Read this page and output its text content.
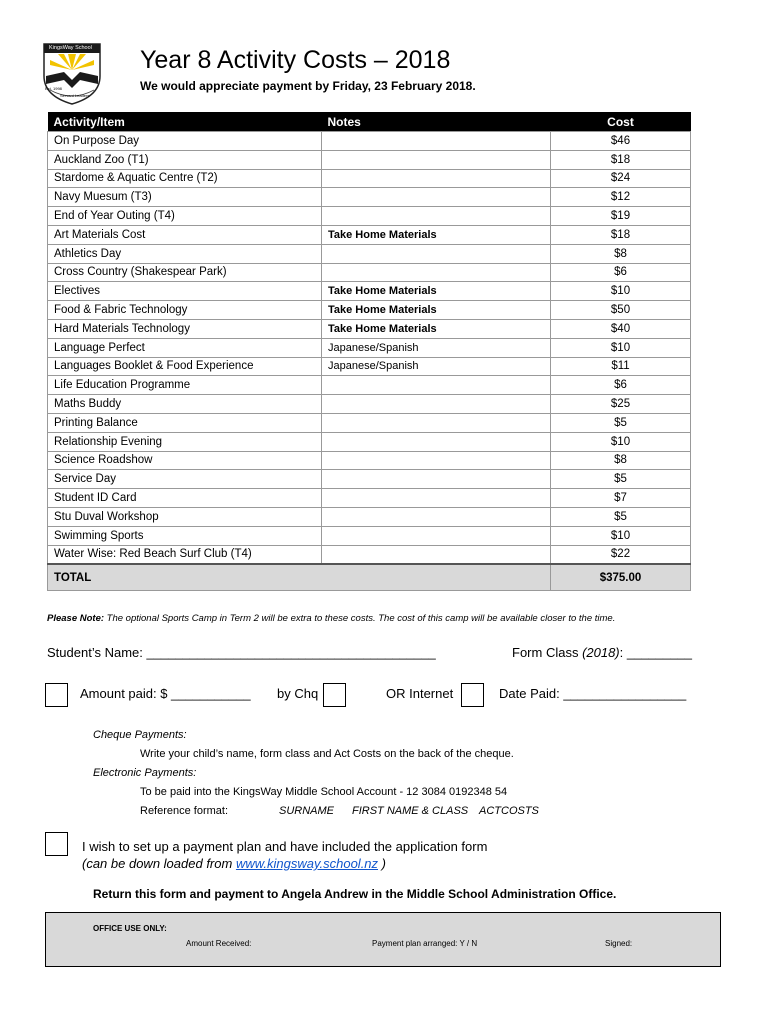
KingsWay School
Est. 1998
Servant Leaders
Year 8 Activity Costs – 2018
We would appreciate payment by Friday, 23 February 2018.
Activity/Item	Notes	Cost
On Purpose Day		$46
Auckland Zoo (T1)		$18
Stardome & Aquatic Centre (T2)		$24
Navy Muesum (T3)		$12
End of Year Outing (T4)		$19
Art Materials Cost	Take Home Materials	$18
Athletics Day		$8
Cross Country (Shakespear Park)		$6
Electives	Take Home Materials	$10
Food & Fabric Technology	Take Home Materials	$50
Hard Materials Technology	Take Home Materials	$40
Language Perfect	Japanese/Spanish	$10
Languages Booklet & Food Experience	Japanese/Spanish	$11
Life Education Programme		$6
Maths Buddy		$25
Printing Balance		$5
Relationship Evening		$10
Science Roadshow		$8
Service Day		$5
Student ID Card		$7
Stu Duval Workshop		$5
Swimming Sports		$10
Water Wise: Red Beach Surf Club (T4)		$22
TOTAL		$375.00
Please Note: The optional Sports Camp in Term 2 will be extra to these costs. The cost of this camp will be available closer to the time.
Student’s Name: ________________________________________	Form Class (2018): _________
Amount paid: $ ___________ by Chq	OR Internet	Date Paid: _________________
Cheque Payments:
Write your child’s name, form class and Act Costs on the back of the cheque.
Electronic Payments:
To be paid into the KingsWay Middle School Account - 12 3084 0192348 54
Reference format:	SURNAME FIRST NAME & CLASS ACTCOSTS
I wish to set up a payment plan and have included the application form
(can be down loaded from www.kingsway.school.nz )
Return this form and payment to Angela Andrew in the Middle School Administration Office.
OFFICE USE ONLY:
Amount Received:	Payment plan arranged: Y / N	Signed:
